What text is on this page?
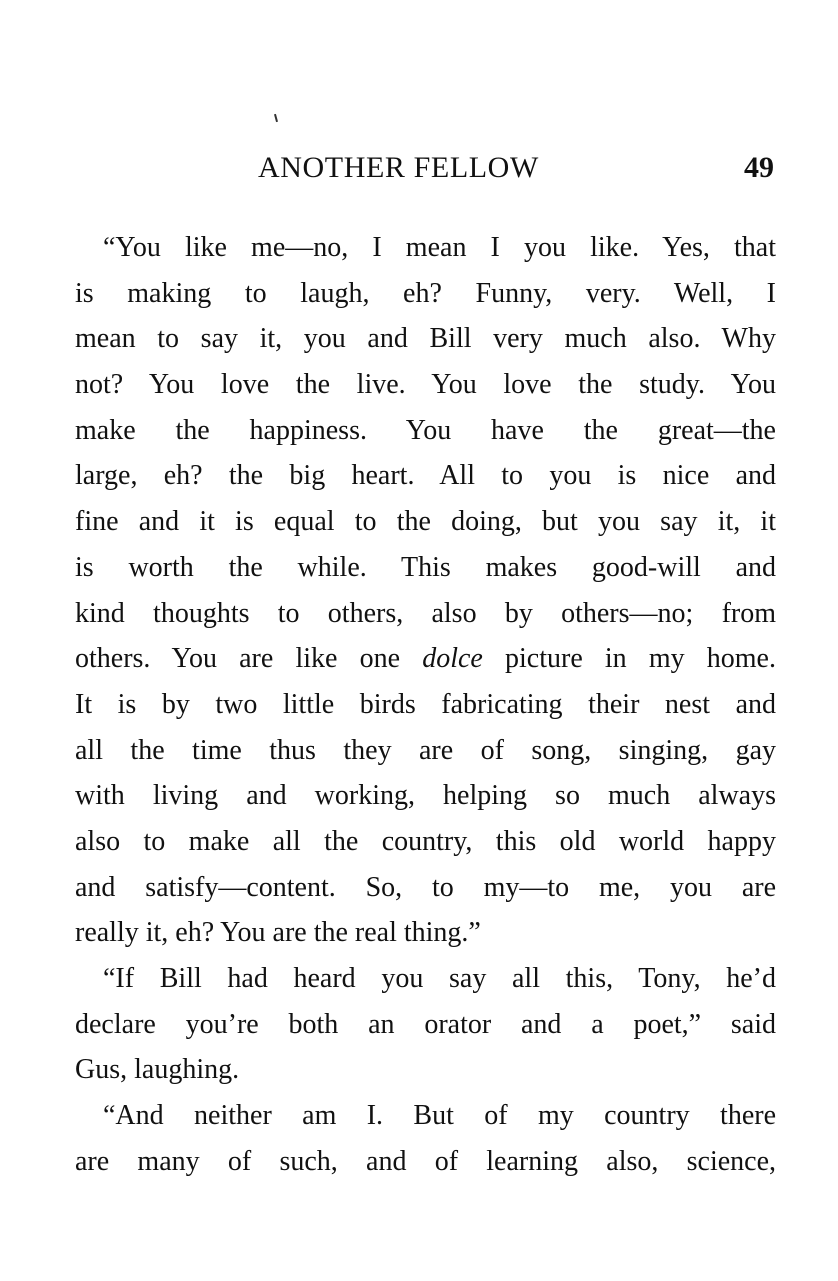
ANOTHER FELLOW	49
“You like me—no, I mean I you like. Yes, that
is making to laugh, eh? Funny, very. Well, I
mean to say it, you and Bill very much also. Why
not? You love the live. You love the study. You
make the happiness. You have the great—the
large, eh? the big heart. All to you is nice and
fine and it is equal to the doing, but you say it, it
is worth the while. This makes good-will and
kind thoughts to others, also by others—no; from
others. You are like one dolce picture in my home.
It is by two little birds fabricating their nest and
all the time thus they are of song, singing, gay
with living and working, helping so much always
also to make all the country, this old world happy
and satisfy—content. So, to my—to me, you are
really it, eh? You are the real thing.”
“If Bill had heard you say all this, Tony, he’d
declare you’re both an orator and a poet,” said
Gus, laughing.
“And neither am I. But of my country there
are many of such, and of learning also, science,
